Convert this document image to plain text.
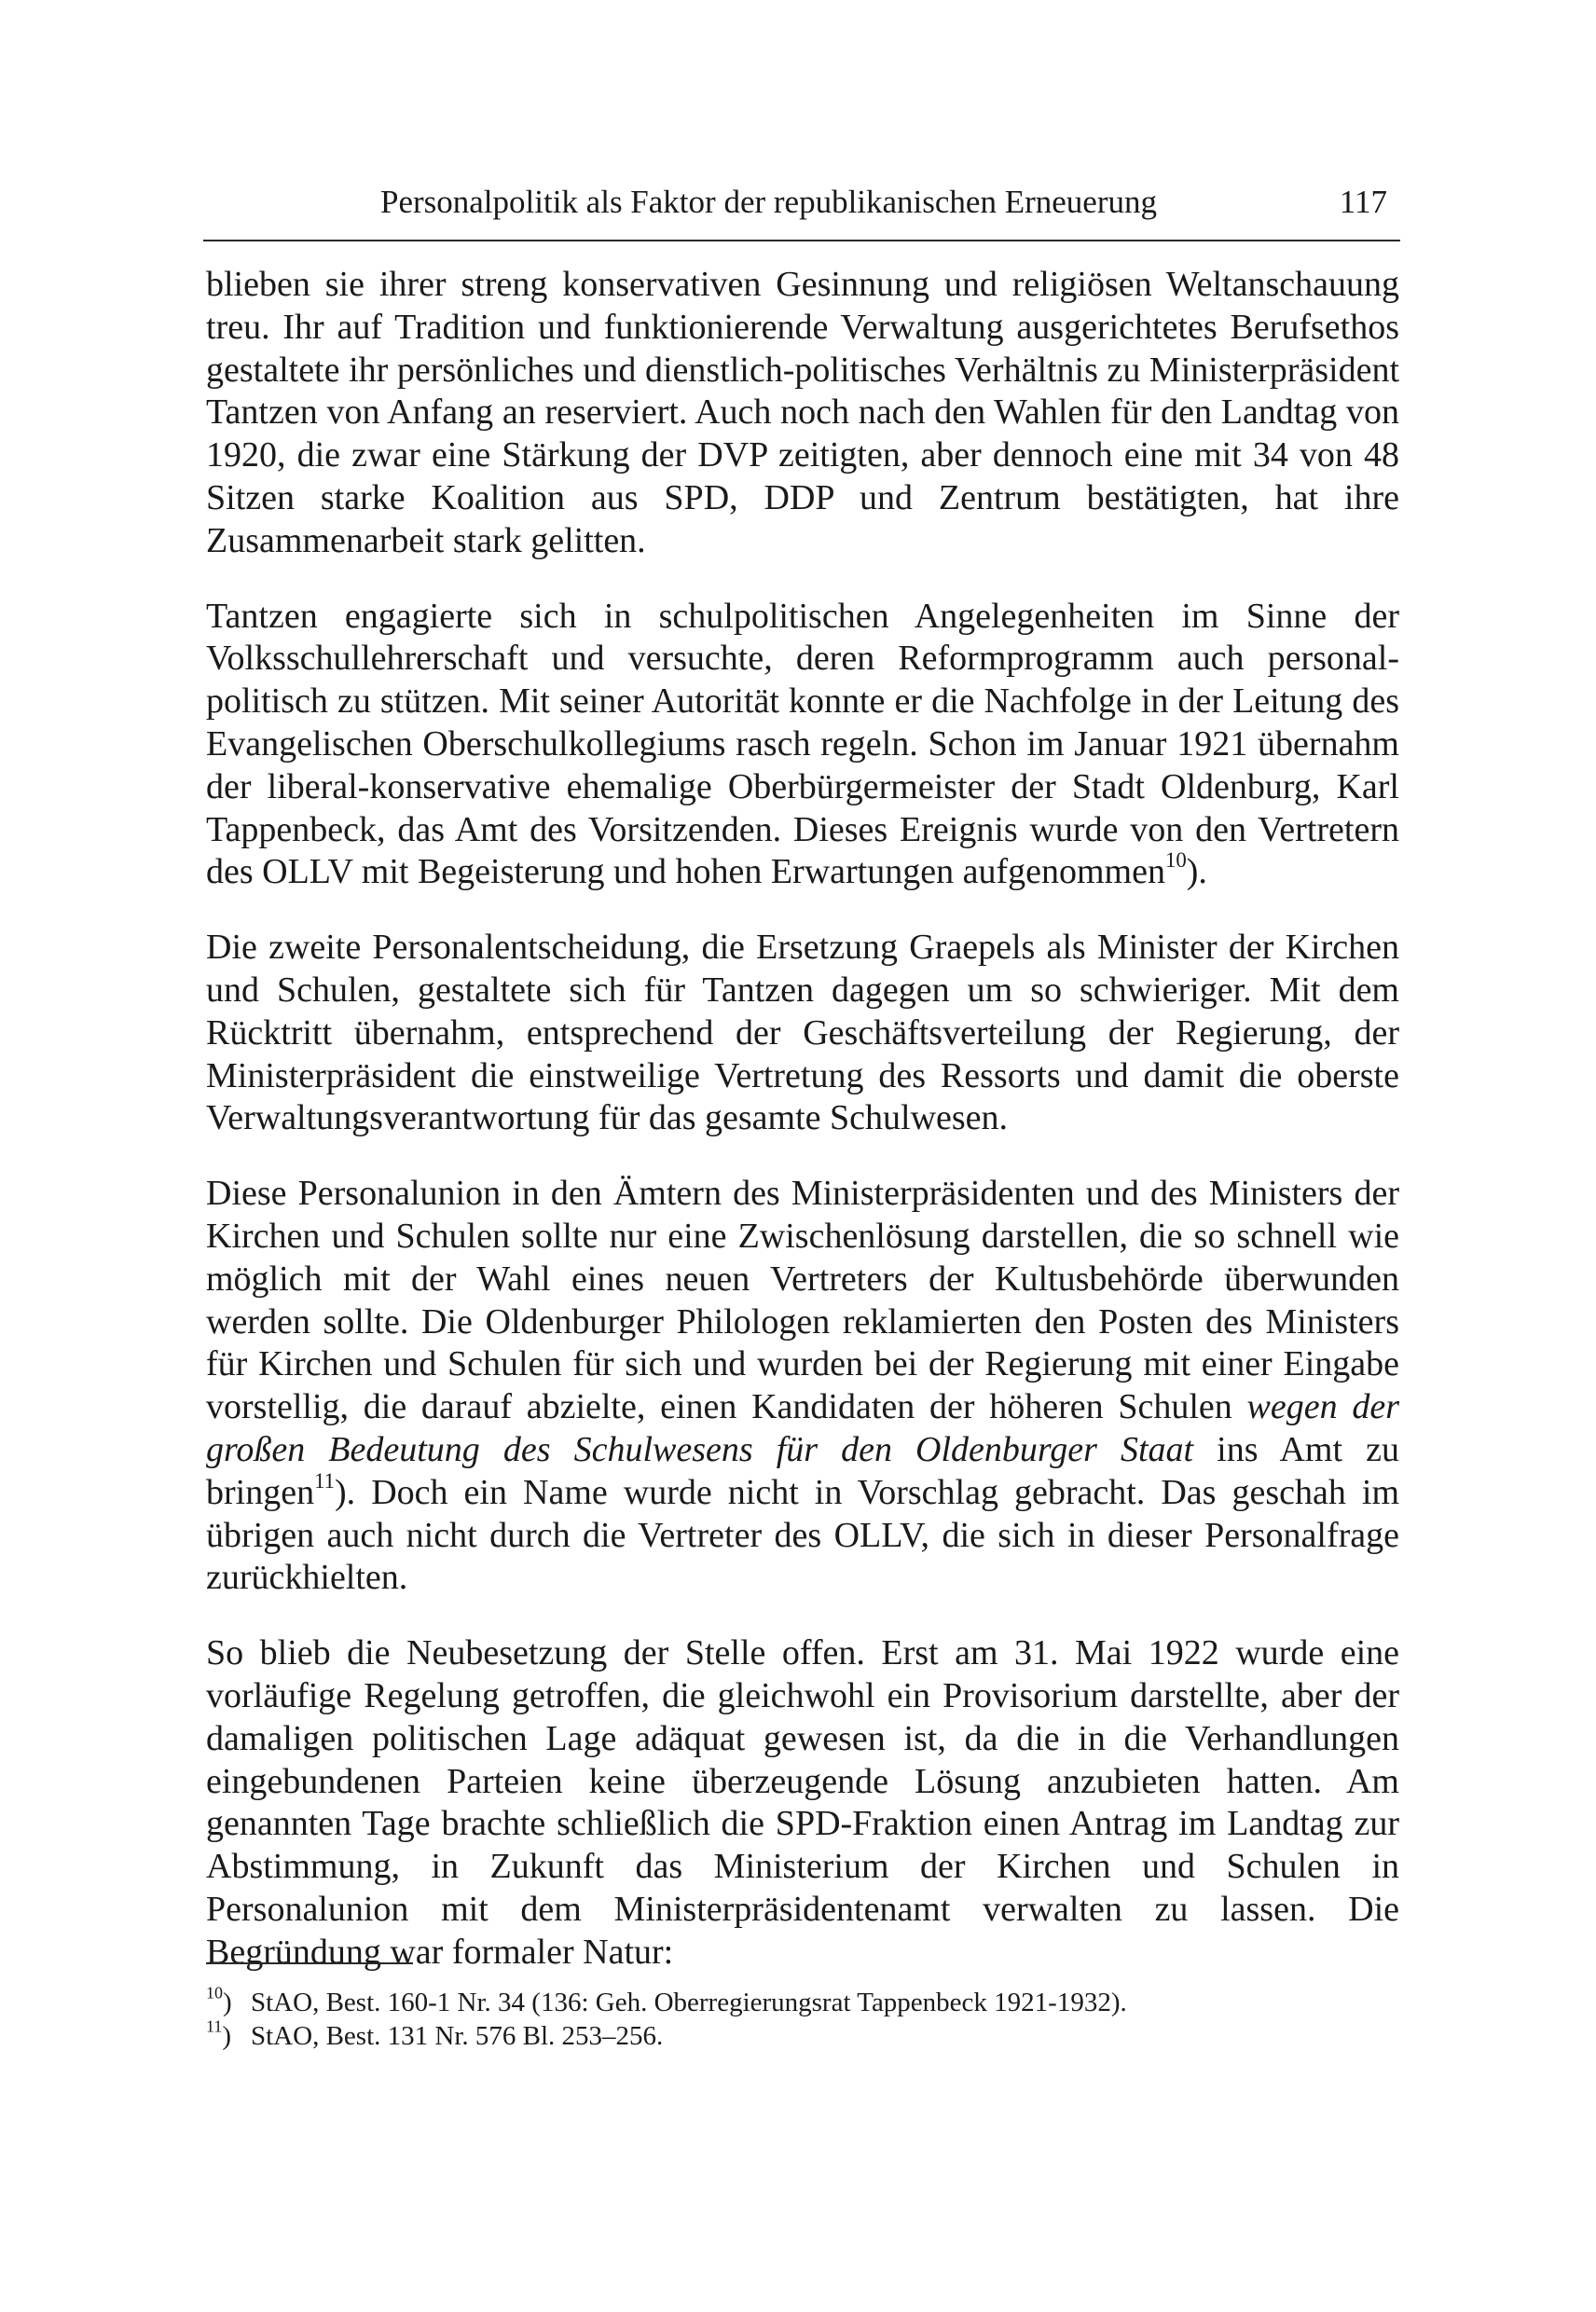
Personalpolitik als Faktor der republikanischen Erneuerung	117

blieben sie ihrer streng konservativen Gesinnung und religiösen Weltanschauung treu. Ihr auf Tradition und funktionierende Verwaltung ausgerichtetes Berufsethos gestaltete ihr persönliches und dienstlich-politisches Verhältnis zu Ministerpräsident Tantzen von Anfang an reserviert. Auch noch nach den Wahlen für den Landtag von 1920, die zwar eine Stärkung der DVP zeitigten, aber dennoch eine mit 34 von 48 Sitzen starke Koalition aus SPD, DDP und Zentrum bestätigten, hat ihre Zusammenarbeit stark gelitten.

Tantzen engagierte sich in schulpolitischen Angelegenheiten im Sinne der Volksschullehrerschaft und versuchte, deren Reformprogramm auch personalpolitisch zu stützen. Mit seiner Autorität konnte er die Nachfolge in der Leitung des Evangelischen Oberschulkollegiums rasch regeln. Schon im Januar 1921 übernahm der liberal-konservative ehemalige Oberbürgermeister der Stadt Oldenburg, Karl Tappenbeck, das Amt des Vorsitzenden. Dieses Ereignis wurde von den Vertretern des OLLV mit Begeisterung und hohen Erwartungen aufgenommen$^{10}$).

Die zweite Personalentscheidung, die Ersetzung Graepels als Minister der Kirchen und Schulen, gestaltete sich für Tantzen dagegen um so schwieriger. Mit dem Rücktritt übernahm, entsprechend der Geschäftsverteilung der Regierung, der Ministerpräsident die einstweilige Vertretung des Ressorts und damit die oberste Verwaltungsverantwortung für das gesamte Schulwesen.

Diese Personalunion in den Ämtern des Ministerpräsidenten und des Ministers der Kirchen und Schulen sollte nur eine Zwischenlösung darstellen, die so schnell wie möglich mit der Wahl eines neuen Vertreters der Kultusbehörde überwunden werden sollte. Die Oldenburger Philologen reklamierten den Posten des Ministers für Kirchen und Schulen für sich und wurden bei der Regierung mit einer Eingabe vorstellig, die darauf abzielte, einen Kandidaten der höheren Schulen wegen der großen Bedeutung des Schulwesens für den Oldenburger Staat ins Amt zu bringen$^{11}$). Doch ein Name wurde nicht in Vorschlag gebracht. Das geschah im übrigen auch nicht durch die Vertreter des OLLV, die sich in dieser Personalfrage zurückhielten.

So blieb die Neubesetzung der Stelle offen. Erst am 31. Mai 1922 wurde eine vorläufige Regelung getroffen, die gleichwohl ein Provisorium darstellte, aber der damaligen politischen Lage adäquat gewesen ist, da die in die Verhandlungen eingebundenen Parteien keine überzeugende Lösung anzubieten hatten. Am genannten Tage brachte schließlich die SPD-Fraktion einen Antrag im Landtag zur Abstimmung, in Zukunft das Ministerium der Kirchen und Schulen in Personalunion mit dem Ministerpräsidentenamt verwalten zu lassen. Die Begründung war formaler Natur:

$^{10}$) StAO, Best. 160-1 Nr. 34 (136: Geh. Oberregierungsrat Tappenbeck 1921-1932).
$^{11}$) StAO, Best. 131 Nr. 576 Bl. 253–256.
